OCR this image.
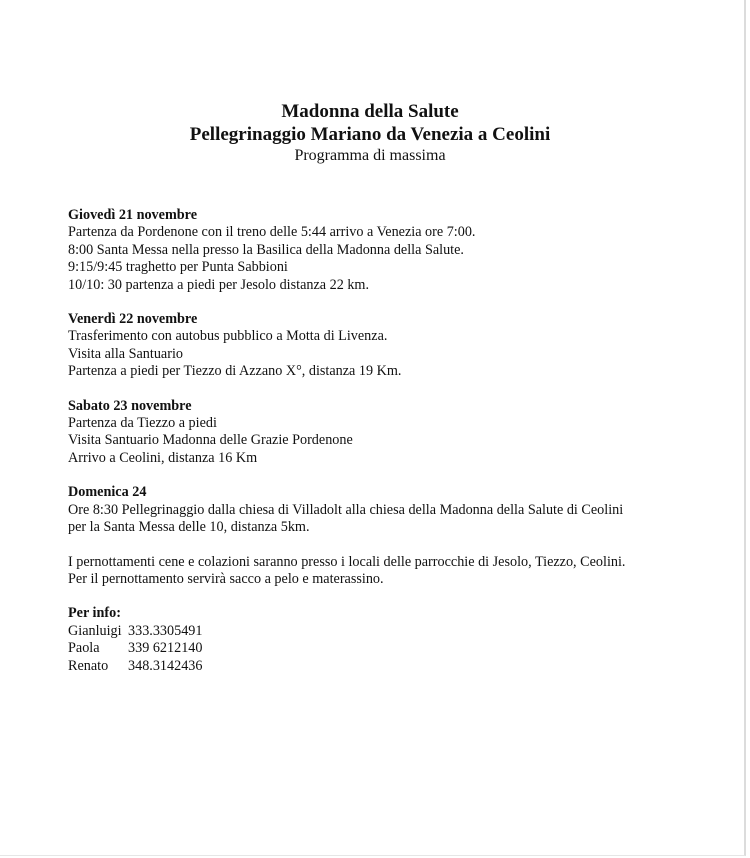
Madonna della Salute

Pellegrinaggio Mariano da Venezia a Ceolini

Programma di massima

Giovedì 21 novembre
Partenza da Pordenone con il treno delle 5:44 arrivo a Venezia ore 7:00.
8:00 Santa Messa nella presso la Basilica della Madonna della Salute.
9:15/9:45 traghetto per Punta Sabbioni
10/10: 30 partenza a piedi per Jesolo distanza 22 km.
Venerdì 22 novembre
Trasferimento con autobus pubblico a Motta di Livenza.
Visita alla Santuario
Partenza a piedi per Tiezzo di Azzano X°, distanza 19 Km.
Sabato 23 novembre
Partenza da Tiezzo a piedi
Visita Santuario Madonna delle Grazie Pordenone
Arrivo a Ceolini, distanza 16 Km
Domenica 24
Ore 8:30 Pellegrinaggio dalla chiesa di Villadolt alla chiesa della Madonna della Salute di Ceolini
per la Santa Messa delle 10, distanza 5km.
I pernottamenti cene e colazioni saranno presso i locali delle parrocchie di Jesolo, Tiezzo, Ceolini.
Per il pernottamento servirà sacco a pelo e materassino.
Per info:
Gianluigi 333.3305491
Paola 339 6212140
Renato 348.3142436
